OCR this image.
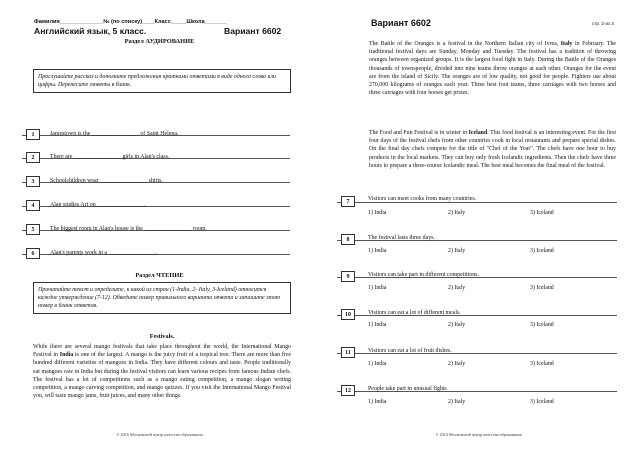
Фамилия______________№ (по списку)____Класс_____Школа_______
Английский язык, 5 класс.	Вариант 6602
Раздел АУДИРОВАНИЕ
Прослушайте рассказ и дополните предложения краткими ответами в виде одного слова или цифры. Перенесите ответы в бланк.
1	Jamestown is the ________________ of Saint Helena.
2	There are ________________ girls in Alan's class.
3	Schoolchildren wear ________________ shirts.
4	Alan studies Art on ________________.
5	The biggest room in Alan's house is the ________________ room.
6	Alan's parents work in a ________________.
Раздел ЧТЕНИЕ
Прочитайте текст и определите, к какой из стран (1-India, 2- Italy, 3-Iceland) относится каждое утверждение (7-12). Обведите номер правильного варианта ответа и запишите этот номер в бланк ответов.
Festivals.
While there are several mango festivals that take place throughout the world, the International Mango Festival in India is one of the largest. A mango is the juicy fruit of a tropical tree. There are more than five hundred different varieties of mangoes in India. They have different colours and taste. People traditionally eat mangoes raw in India but during the festival visitors can learn various recipes from famous Indian chefs. The festival has a lot of competitions such as a mango eating competition, a mango slogan writing competition, a mango carving competition, and mango quizzes. If you visit the International Mango Festival you, will taste mango jams, fruit juices, and many other things.
© 2016 Московский центр качества образования
Вариант 6602	стр. 2 из 3
The Battle of the Oranges is a festival in the Northern Italian city of Ivrea, Italy in February. The traditional festival days are Sunday, Monday and Tuesday. The festival has a tradition of throwing oranges between organized groups. It is the largest food fight in Italy. During the Battle of the Oranges thousands of townspeople, divided into nine teams throw oranges at each other. Oranges for the event are from the island of Sicily. The oranges are of low quality, not good for people. Fighters use about 270,000 kilograms of oranges each year. Three best foot teams, three carriages with two horses and three carriages with four horses get prizes.
The Food and Fun Festival is in winter in Iceland. This food festival is an interesting event. For the first four days of the festival chefs from other countries cook in local restaurants and prepare special dishes. On the final day chefs compete for the title of "Chef of the Year". The chefs have one hour to buy products in the local markets. They can buy only fresh Icelandic ingredients. Then the chefs have three hours to prepare a three-course Icelandic meal. The best meal becomes the final meal of the festival.
7	Visitors can meet cooks from many countries.
1) India	2) Italy	3) Iceland
8	The festival lasts three days.
1) India	2) Italy	3) Iceland
9	Visitors can take part in different competitions.
1) India	2) Italy	3) Iceland
10	Visitors can eat a lot of different meals.
1) India	2) Italy	3) Iceland
11	Visitors can eat a lot of fruit dishes.
1) India	2) Italy	3) Iceland
12	People take part in unusual fights
1) India	2) Italy	3) Iceland
© 2016 Московский центр качества образования
